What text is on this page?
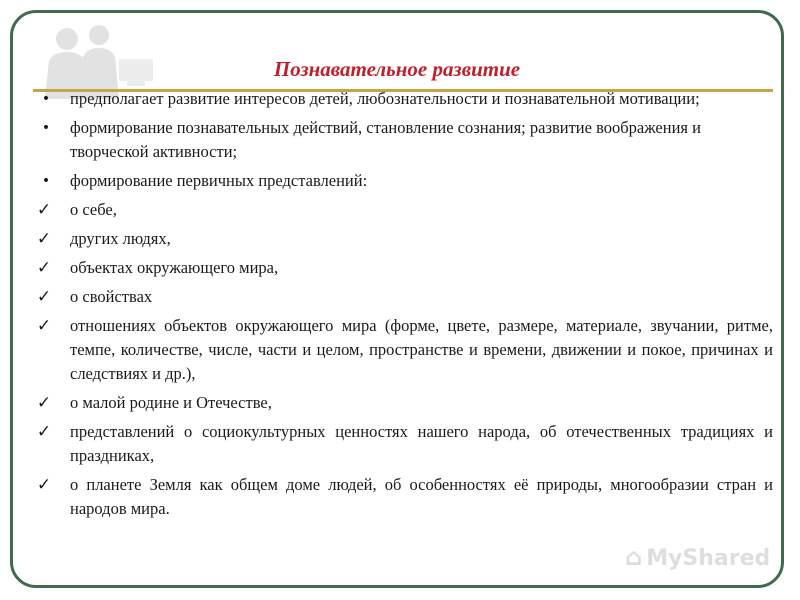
Познавательное развитие
•	предполагает развитие интересов детей, любознательности и познавательной мотивации;
•	формирование познавательных действий, становление сознания; развитие воображения и творческой активности;
•	формирование первичных представлений:
✓ о себе,
✓ других людях,
✓ объектах окружающего мира,
✓ о свойствах
✓ отношениях объектов окружающего мира (форме, цвете, размере, материале, звучании, ритме, темпе, количестве, числе, части и целом, пространстве и времени, движении и покое, причинах и следствиях и др.),
✓ о малой родине и Отечестве,
✓ представлений о социокультурных ценностях нашего народа, об отечественных традициях и праздниках,
✓ о планете Земля как общем доме людей, об особенностях её природы, многообразии стран и народов мира.
⌂ MyShared
